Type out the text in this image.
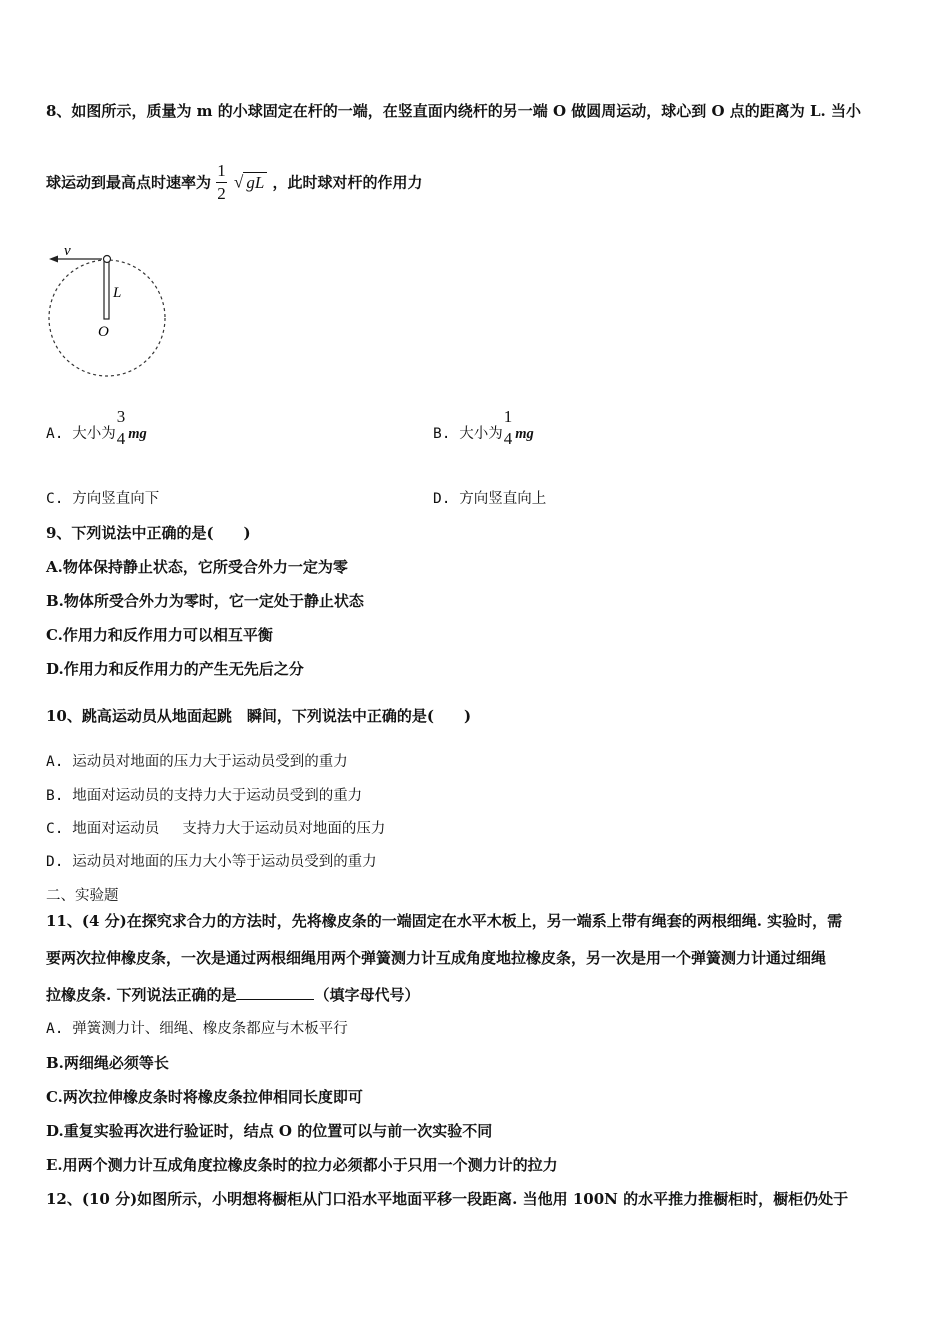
8、如图所示，质量为 m 的小球固定在杆的一端，在竖直面内绕杆的另一端 O 做圆周运动，球心到 O 点的距离为 L. 当小
球运动到最高点时速率为 $\frac{1}{2}$ √ gL ，此时球对杆的作用力
v
L
O
A. 大小为
3
4 mg	B. 大小为
1
4 mg
C. 方向竖直向下	D. 方向竖直向上
9、下列说法中正确的是(　　)
A.物体保持静止状态，它所受合外力一定为零
B.物体所受合外力为零时，它一定处于静止状态
C.作用力和反作用力可以相互平衡
D.作用力和反作用力的产生无先后之分
10、跳高运动员从地面起跳　瞬间，下列说法中正确的是(　　)
A. 运动员对地面的压力大于运动员受到的重力
B. 地面对运动员的支持力大于运动员受到的重力
C. 地面对运动员　 支持力大于运动员对地面的压力
D. 运动员对地面的压力大小等于运动员受到的重力
二、实验题
11、(4 分)在探究求合力的方法时，先将橡皮条的一端固定在水平木板上，另一端系上带有绳套的两根细绳. 实验时，需
要两次拉伸橡皮条，一次是通过两根细绳用两个弹簧测力计互成角度地拉橡皮条，另一次是用一个弹簧测力计通过细绳
拉橡皮条. 下列说法正确的是	（填字母代号）
A. 弹簧测力计、细绳、橡皮条都应与木板平行
B.两细绳必须等长
C.两次拉伸橡皮条时将橡皮条拉伸相同长度即可
D.重复实验再次进行验证时，结点 O 的位置可以与前一次实验不同
E.用两个测力计互成角度拉橡皮条时的拉力必须都小于只用一个测力计的拉力
12、(10 分)如图所示，小明想将橱柜从门口沿水平地面平移一段距离. 当他用 100N 的水平推力推橱柜时，橱柜仍处于
